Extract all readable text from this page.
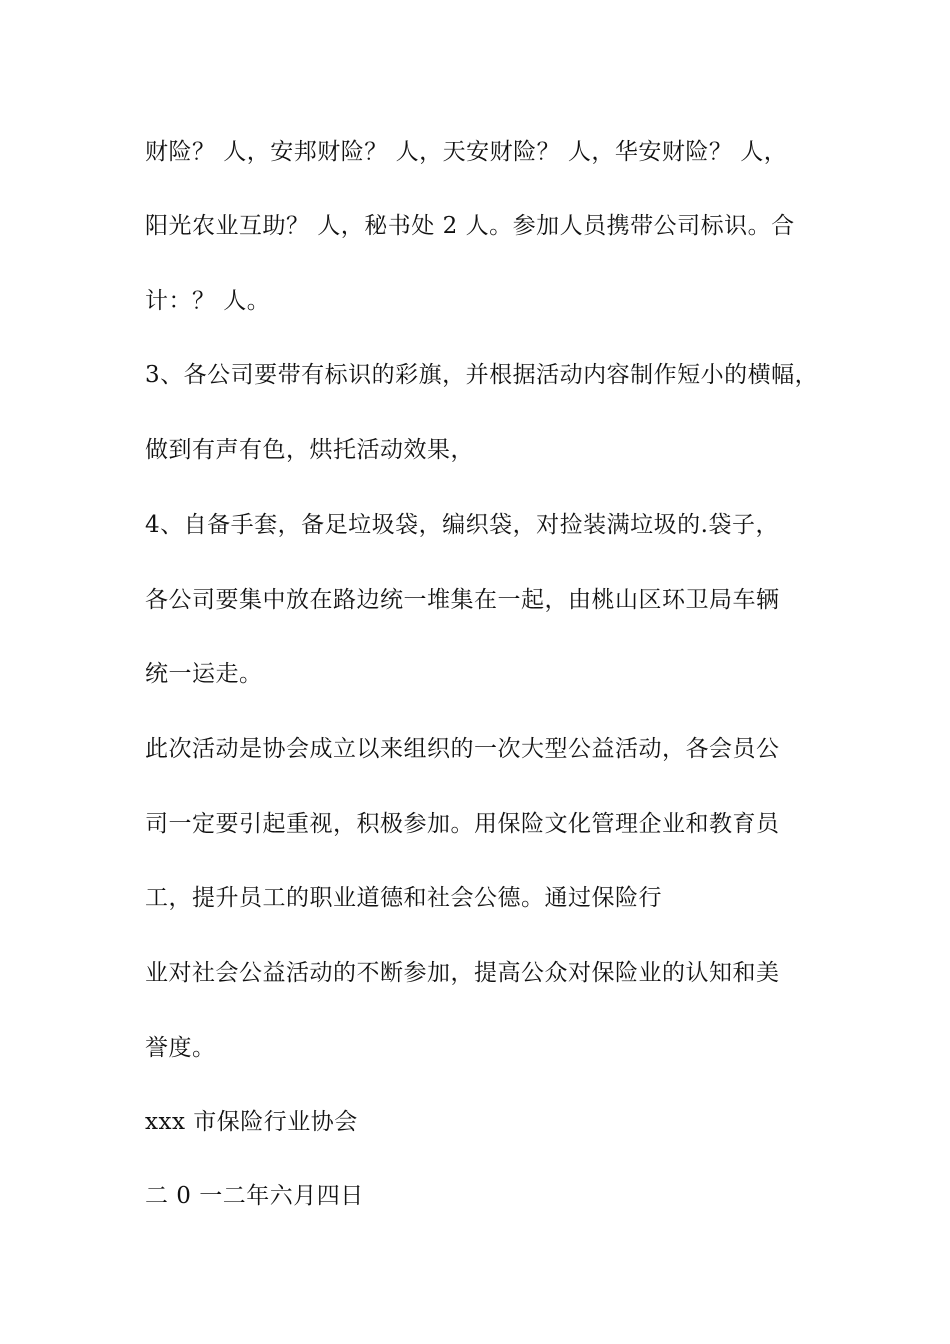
财险？ 人，安邦财险？ 人，天安财险？ 人，华安财险？ 人，

阳光农业互助？ 人，秘书处 2 人。参加人员携带公司标识。合

计：？ 人。

3、各公司要带有标识的彩旗，并根据活动内容制作短小的横幅，

做到有声有色，烘托活动效果，

4、自备手套，备足垃圾袋，编织袋，对捡装满垃圾的.袋子，

各公司要集中放在路边统一堆集在一起，由桃山区环卫局车辆

统一运走。

此次活动是协会成立以来组织的一次大型公益活动，各会员公

司一定要引起重视，积极参加。用保险文化管理企业和教育员

工，提升员工的职业道德和社会公德。通过保险行

业对社会公益活动的不断参加，提高公众对保险业的认知和美

誉度。

xxx 市保险行业协会

二 0 一二年六月四日
